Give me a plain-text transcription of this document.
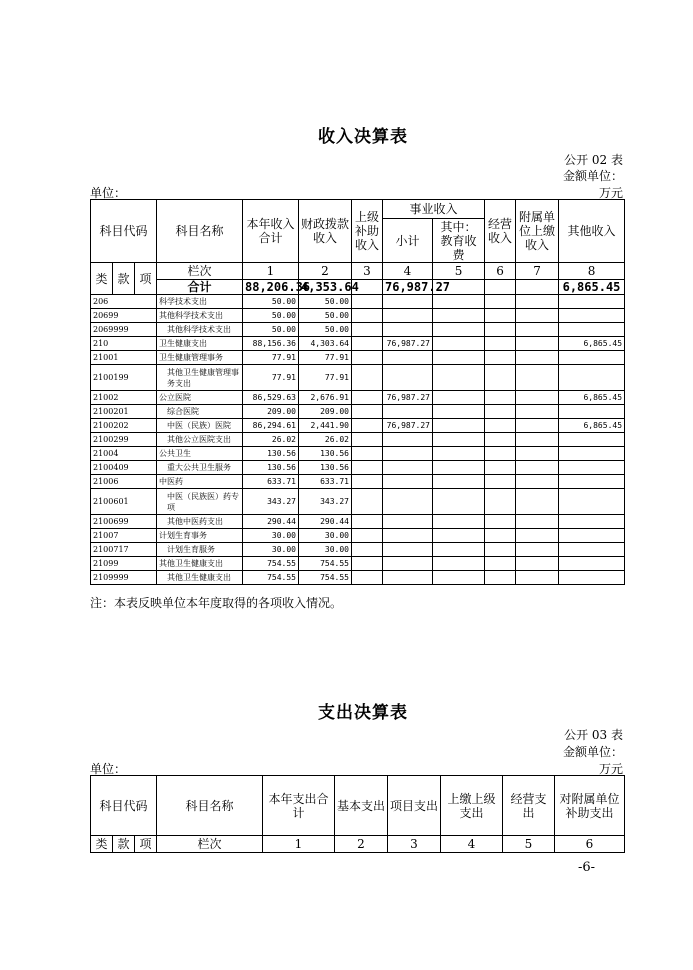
收入决算表
公开 02 表
金额单位：
单位：	万元
科目代码			科目名称	本年收入合计	财政拨款收入	上级补助收入	事业收入		经营收入	附属单位上缴收入	其他收入
							小计	其中：教育收费			
类	款	项	栏次	1	2	3	4	5	6	7	8
			合计	88,206.36	4,353.64		76,987.27				6,865.45
206			科学技术支出	50.00	50.00						
20699			其他科学技术支出	50.00	50.00						
2069999			其他科学技术支出	50.00	50.00						
210			卫生健康支出	88,156.36	4,303.64		76,987.27				6,865.45
21001			卫生健康管理事务	77.91	77.91						
2100199			其他卫生健康管理事务支出	77.91	77.91						
21002			公立医院	86,529.63	2,676.91		76,987.27				6,865.45
2100201			综合医院	209.00	209.00						
2100202			中医（民族）医院	86,294.61	2,441.90		76,987.27				6,865.45
2100299			其他公立医院支出	26.02	26.02						
21004			公共卫生	130.56	130.56						
2100409			重大公共卫生服务	130.56	130.56						
21006			中医药	633.71	633.71						
2100601			中医（民族医）药专项	343.27	343.27						
2100699			其他中医药支出	290.44	290.44						
21007			计划生育事务	30.00	30.00						
2100717			计划生育服务	30.00	30.00						
21099			其他卫生健康支出	754.55	754.55						
2109999			其他卫生健康支出	754.55	754.55						
注：本表反映单位本年度取得的各项收入情况。
支出决算表
公开 03 表
金额单位：
单位：	万元
科目代码			科目名称	本年支出合计	基本支出	项目支出	上缴上级支出	经营支出	对附属单位补助支出
类	款	项	栏次	1	2	3	4	5	6
-6-
